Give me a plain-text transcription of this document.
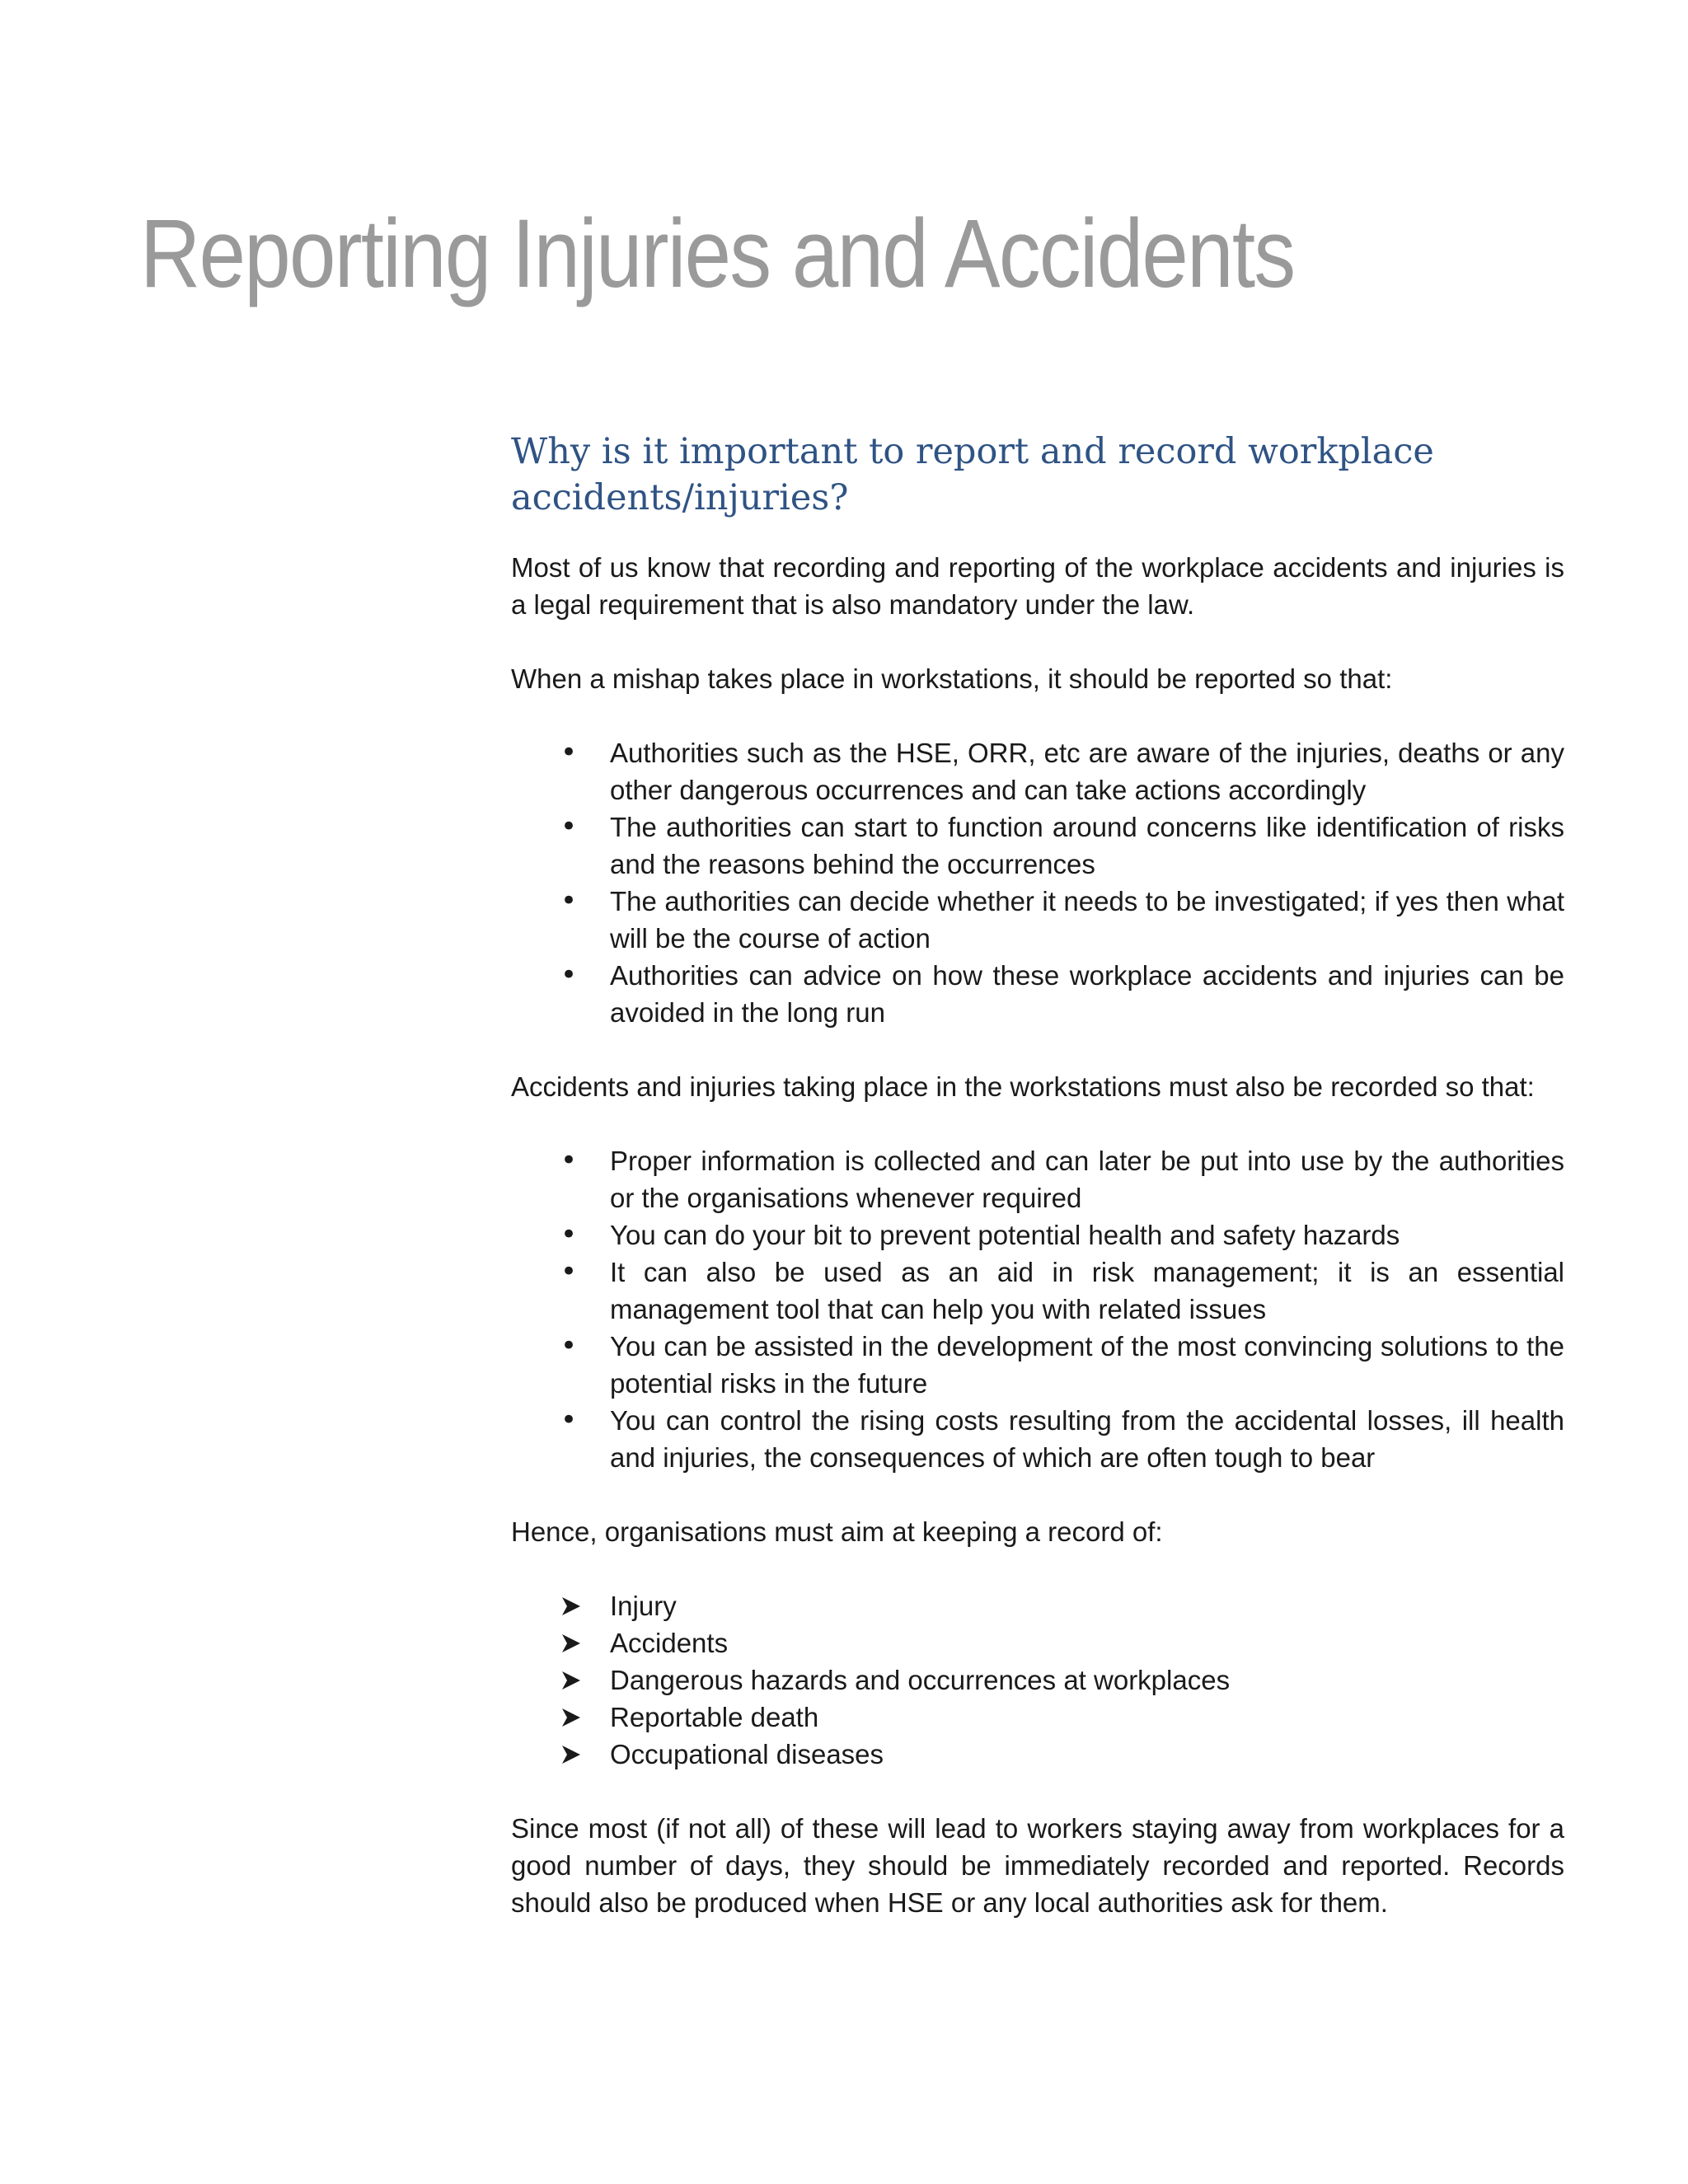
Reporting Injuries and Accidents
Why is it important to report and record workplace accidents/injuries?

Most of us know that recording and reporting of the workplace accidents and injuries is a legal requirement that is also mandatory under the law.

When a mishap takes place in workstations, it should be reported so that:

•	Authorities such as the HSE, ORR, etc are aware of the injuries, deaths or any other dangerous occurrences and can take actions accordingly
•	The authorities can start to function around concerns like identification of risks and the reasons behind the occurrences
•	The authorities can decide whether it needs to be investigated; if yes then what will be the course of action
•	Authorities can advice on how these workplace accidents and injuries can be avoided in the long run

Accidents and injuries taking place in the workstations must also be recorded so that:

•	Proper information is collected and can later be put into use by the authorities or the organisations whenever required
•	You can do your bit to prevent potential health and safety hazards
•	It can also be used as an aid in risk management; it is an essential management tool that can help you with related issues
•	You can be assisted in the development of the most convincing solutions to the potential risks in the future
•	You can control the rising costs resulting from the accidental losses, ill health and injuries, the consequences of which are often tough to bear

Hence, organisations must aim at keeping a record of:

Injury
Accidents
Dangerous hazards and occurrences at workplaces
Reportable death
Occupational diseases

Since most (if not all) of these will lead to workers staying away from workplaces for a good number of days, they should be immediately recorded and reported. Records should also be produced when HSE or any local authorities ask for them.
